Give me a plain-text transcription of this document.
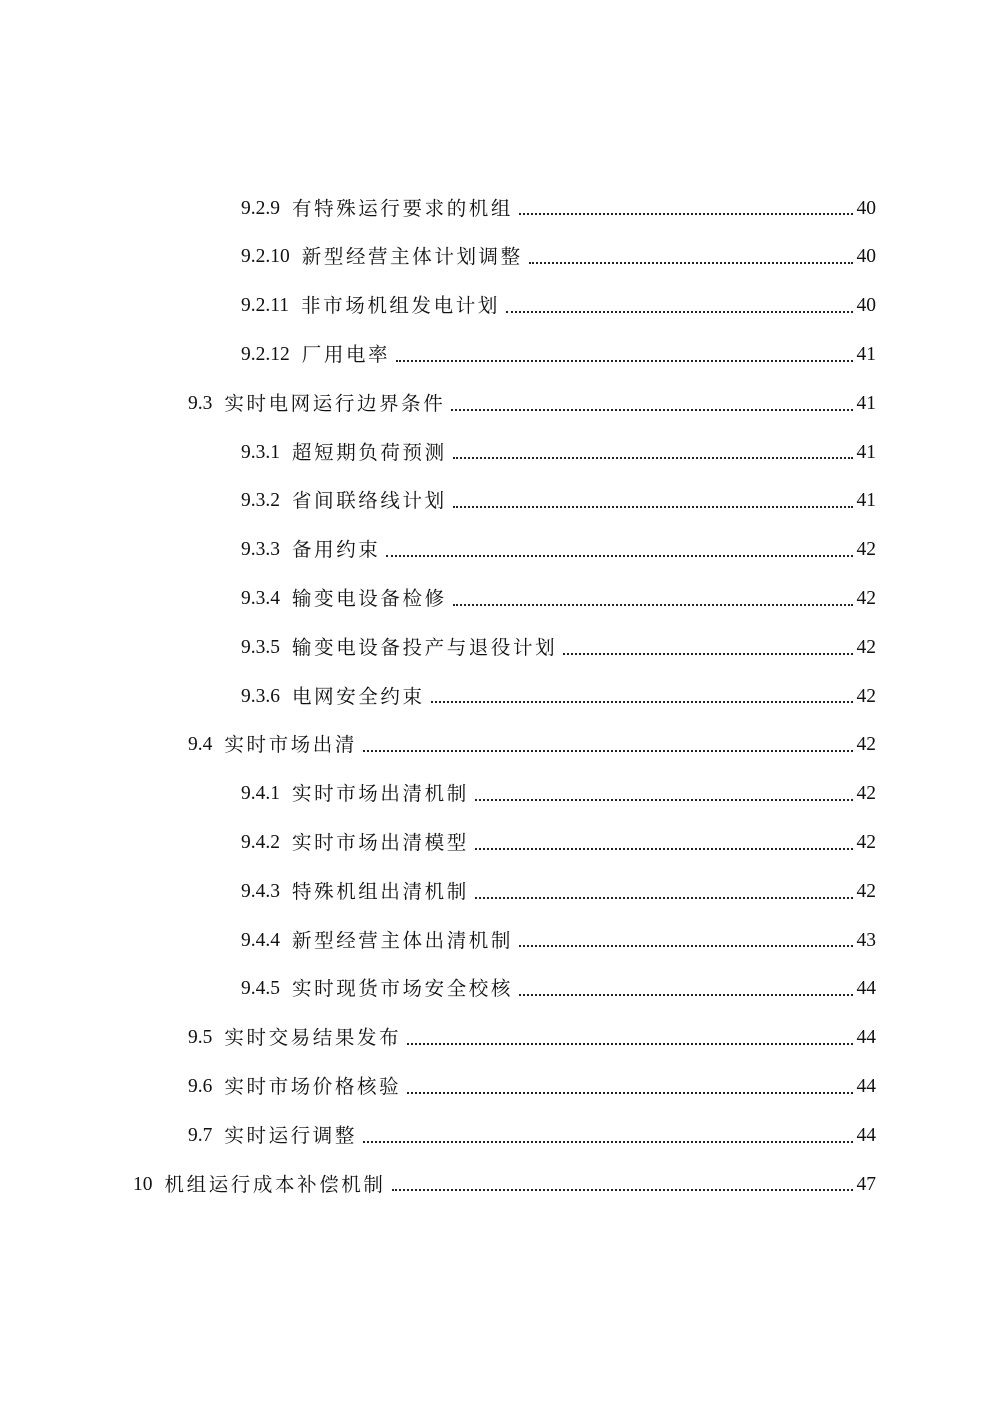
9.2.9 有特殊运行要求的机组	40
9.2.10 新型经营主体计划调整	40
9.2.11 非市场机组发电计划	40
9.2.12 厂用电率	41
9.3 实时电网运行边界条件	41
9.3.1 超短期负荷预测	41
9.3.2 省间联络线计划	41
9.3.3 备用约束	42
9.3.4 输变电设备检修	42
9.3.5 输变电设备投产与退役计划	42
9.3.6 电网安全约束	42
9.4 实时市场出清	42
9.4.1 实时市场出清机制	42
9.4.2 实时市场出清模型	42
9.4.3 特殊机组出清机制	42
9.4.4 新型经营主体出清机制	43
9.4.5 实时现货市场安全校核	44
9.5 实时交易结果发布	44
9.6 实时市场价格核验	44
9.7 实时运行调整	44
10 机组运行成本补偿机制	47
